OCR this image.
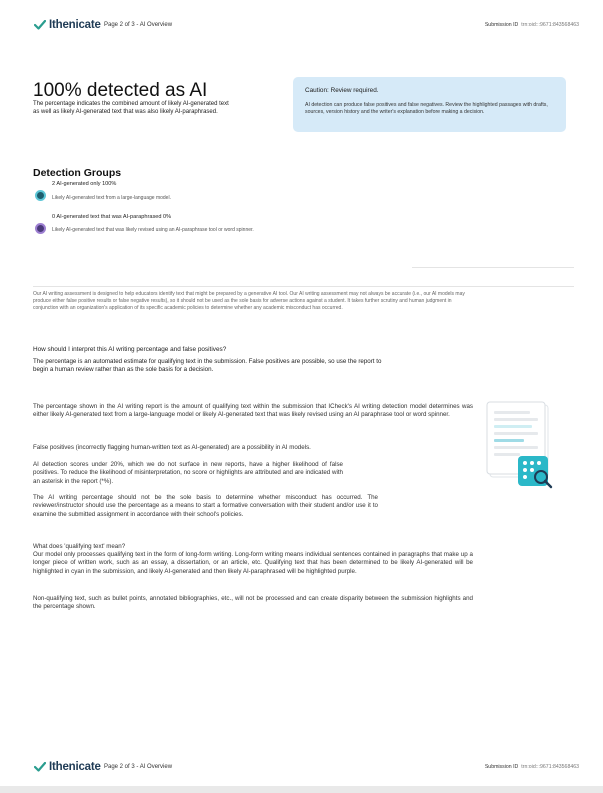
Ithenicate Page 2 of 3 - AI Overview	Submission ID trn:oid:::9671:843568463
100% detected as AI

The percentage indicates the combined amount of likely AI-generated text as well as likely AI-generated text that was also likely AI-paraphrased.

Caution: Review required.
AI detection can produce false positives and false negatives. Review the highlighted passages with drafts, sources, version history and the writer's explanation before making a decision.
Detection Groups
2 AI-generated only 100%
Likely AI-generated text from a large-language model.
0 AI-generated text that was AI-paraphrased 0%
Likely AI-generated text that was likely revised using an AI-paraphrase tool or word spinner.

Our AI writing assessment is designed to help educators identify text that might be prepared by a generative AI tool. Our AI writing assessment may not always be accurate (i.e., our AI models may produce either false positive results or false negative results), so it should not be used as the sole basis for adverse actions against a student. It takes further scrutiny and human judgment in conjunction with an organization's application of its specific academic policies to determine whether any academic misconduct has occurred.

How should I interpret this AI writing percentage and false positives?

The percentage is an automated estimate for qualifying text in the submission. False positives are possible, so use the report to begin a human review rather than as the sole basis for a decision.

The percentage shown in the AI writing report is the amount of qualifying text within the submission that ICheck's AI writing detection model determines was either likely AI-generated text from a large-language model or likely AI-generated text that was likely revised using an AI paraphrase tool or word spinner.

False positives (incorrectly flagging human-written text as AI-generated) are a possibility in AI models.

AI detection scores under 20%, which we do not surface in new reports, have a higher likelihood of false positives. To reduce the likelihood of misinterpretation, no score or highlights are attributed and are indicated with an asterisk in the report (*%).

The AI writing percentage should not be the sole basis to determine whether misconduct has occurred. The reviewer/instructor should use the percentage as a means to start a formative conversation with their student and/or use it to examine the submitted assignment in accordance with their school's policies.

What does 'qualifying text' mean?

Our model only processes qualifying text in the form of long-form writing. Long-form writing means individual sentences contained in paragraphs that make up a longer piece of written work, such as an essay, a dissertation, or an article, etc. Qualifying text that has been determined to be likely AI-generated will be highlighted in cyan in the submission, and likely AI-generated and then likely AI-paraphrased will be highlighted purple.

Non-qualifying text, such as bullet points, annotated bibliographies, etc., will not be processed and can create disparity between the submission highlights and the percentage shown.

Ithenicate Page 2 of 3 - AI Overview	Submission ID trn:oid:::9671:843568463
